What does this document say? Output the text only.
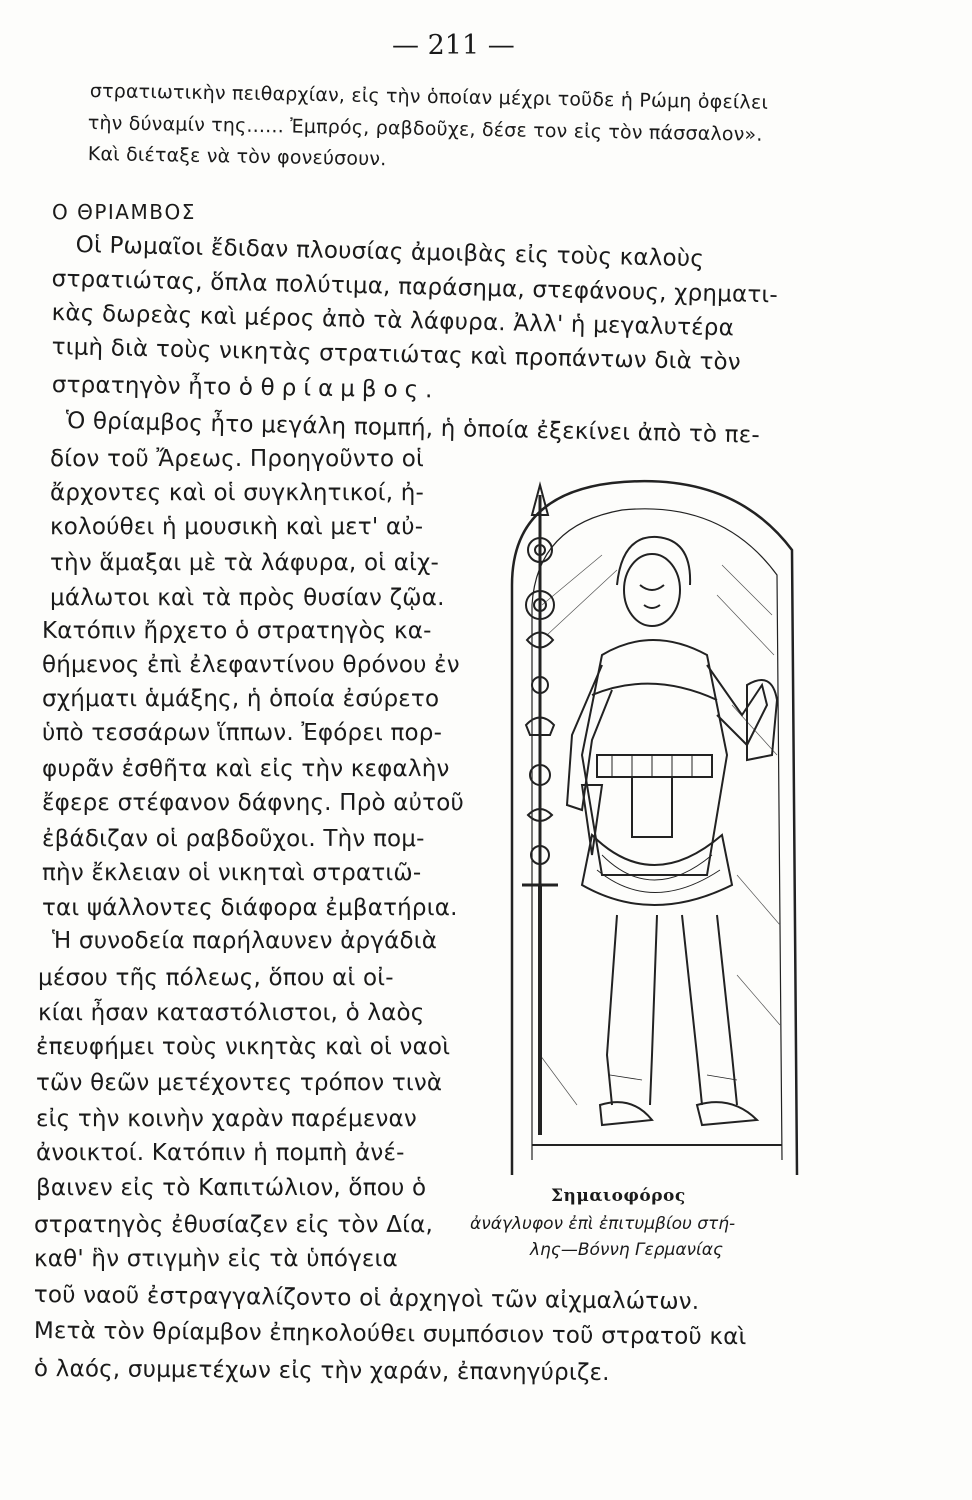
— 211 —
στρατιωτικὴν πειθαρχίαν, εἰς τὴν ὁποίαν μέχρι τοῦδε ἡ Ρώμη ὀφείλει
τὴν δύναμίν της...... Ἐμπρός, ραβδοῦχε, δέσε τον εἰς τὸν πάσσαλον».
Καὶ διέταξε νὰ τὸν φονεύσουν.
Ο ΘΡΙΑΜΒΟΣ
Οἱ Ρωμαῖοι ἔδιδαν πλουσίας ἀμοιβὰς εἰς τοὺς καλοὺς
στρατιώτας, ὅπλα πολύτιμα, παράσημα, στεφάνους, χρηματι-
κὰς δωρεὰς καὶ μέρος ἀπὸ τὰ λάφυρα. Ἀλλ' ἡ μεγαλυτέρα
τιμὴ διὰ τοὺς νικητὰς στρατιώτας καὶ προπάντων διὰ τὸν
στρατηγὸν ἦτο ὁ θρίαμβος.
Ὁ θρίαμβος ἦτο μεγάλη πομπή, ἡ ὁποία ἐξεκίνει ἀπὸ τὸ πε-
δίον τοῦ Ἄρεως. Προηγοῦντο οἱ
ἄρχοντες καὶ οἱ συγκλητικοί, ἠ-
κολούθει ἡ μουσικὴ καὶ μετ' αὐ-
τὴν ἅμαξαι μὲ τὰ λάφυρα, οἱ αἰχ-
μάλωτοι καὶ τὰ πρὸς θυσίαν ζῷα.
Κατόπιν ἤρχετο ὁ στρατηγὸς κα-
θήμενος ἐπὶ ἐλεφαντίνου θρόνου ἐν
σχήματι ἁμάξης, ἡ ὁποία ἐσύρετο
ὑπὸ τεσσάρων ἵππων. Ἐφόρει πορ-
φυρᾶν ἐσθῆτα καὶ εἰς τὴν κεφαλὴν
ἔφερε στέφανον δάφνης. Πρὸ αὐτοῦ
ἐβάδιζαν οἱ ραβδοῦχοι. Τὴν πομ-
πὴν ἔκλειαν οἱ νικηταὶ στρατιῶ-
ται ψάλλοντες διάφορα ἐμβατήρια.
Ἡ συνοδεία παρήλαυνεν ἀργάδιὰ
μέσου τῆς πόλεως, ὅπου αἱ οἰ-
κίαι ἦσαν καταστόλιστοι, ὁ λαὸς
ἐπευφήμει τοὺς νικητὰς καὶ οἱ ναοὶ
τῶν θεῶν μετέχοντες τρόπον τινὰ
εἰς τὴν κοινὴν χαρὰν παρέμεναν
ἀνοικτοί. Κατόπιν ἡ πομπὴ ἀνέ-
βαινεν εἰς τὸ Καπιτώλιον, ὅπου ὁ
στρατηγὸς ἐθυσίαζεν εἰς τὸν Δία,
καθ' ἣν στιγμὴν εἰς τὰ ὑπόγεια
τοῦ ναοῦ ἐστραγγαλίζοντο οἱ ἀρχηγοὶ τῶν αἰχμαλώτων.
Μετὰ τὸν θρίαμβον ἐπηκολούθει συμπόσιον τοῦ στρατοῦ καὶ
ὁ λαός, συμμετέχων εἰς τὴν χαράν, ἐπανηγύριζε.
Σημαιοφόρος
ἀνάγλυφον ἐπὶ ἐπιτυμβίου στή-
λης—Βόννη Γερμανίας
